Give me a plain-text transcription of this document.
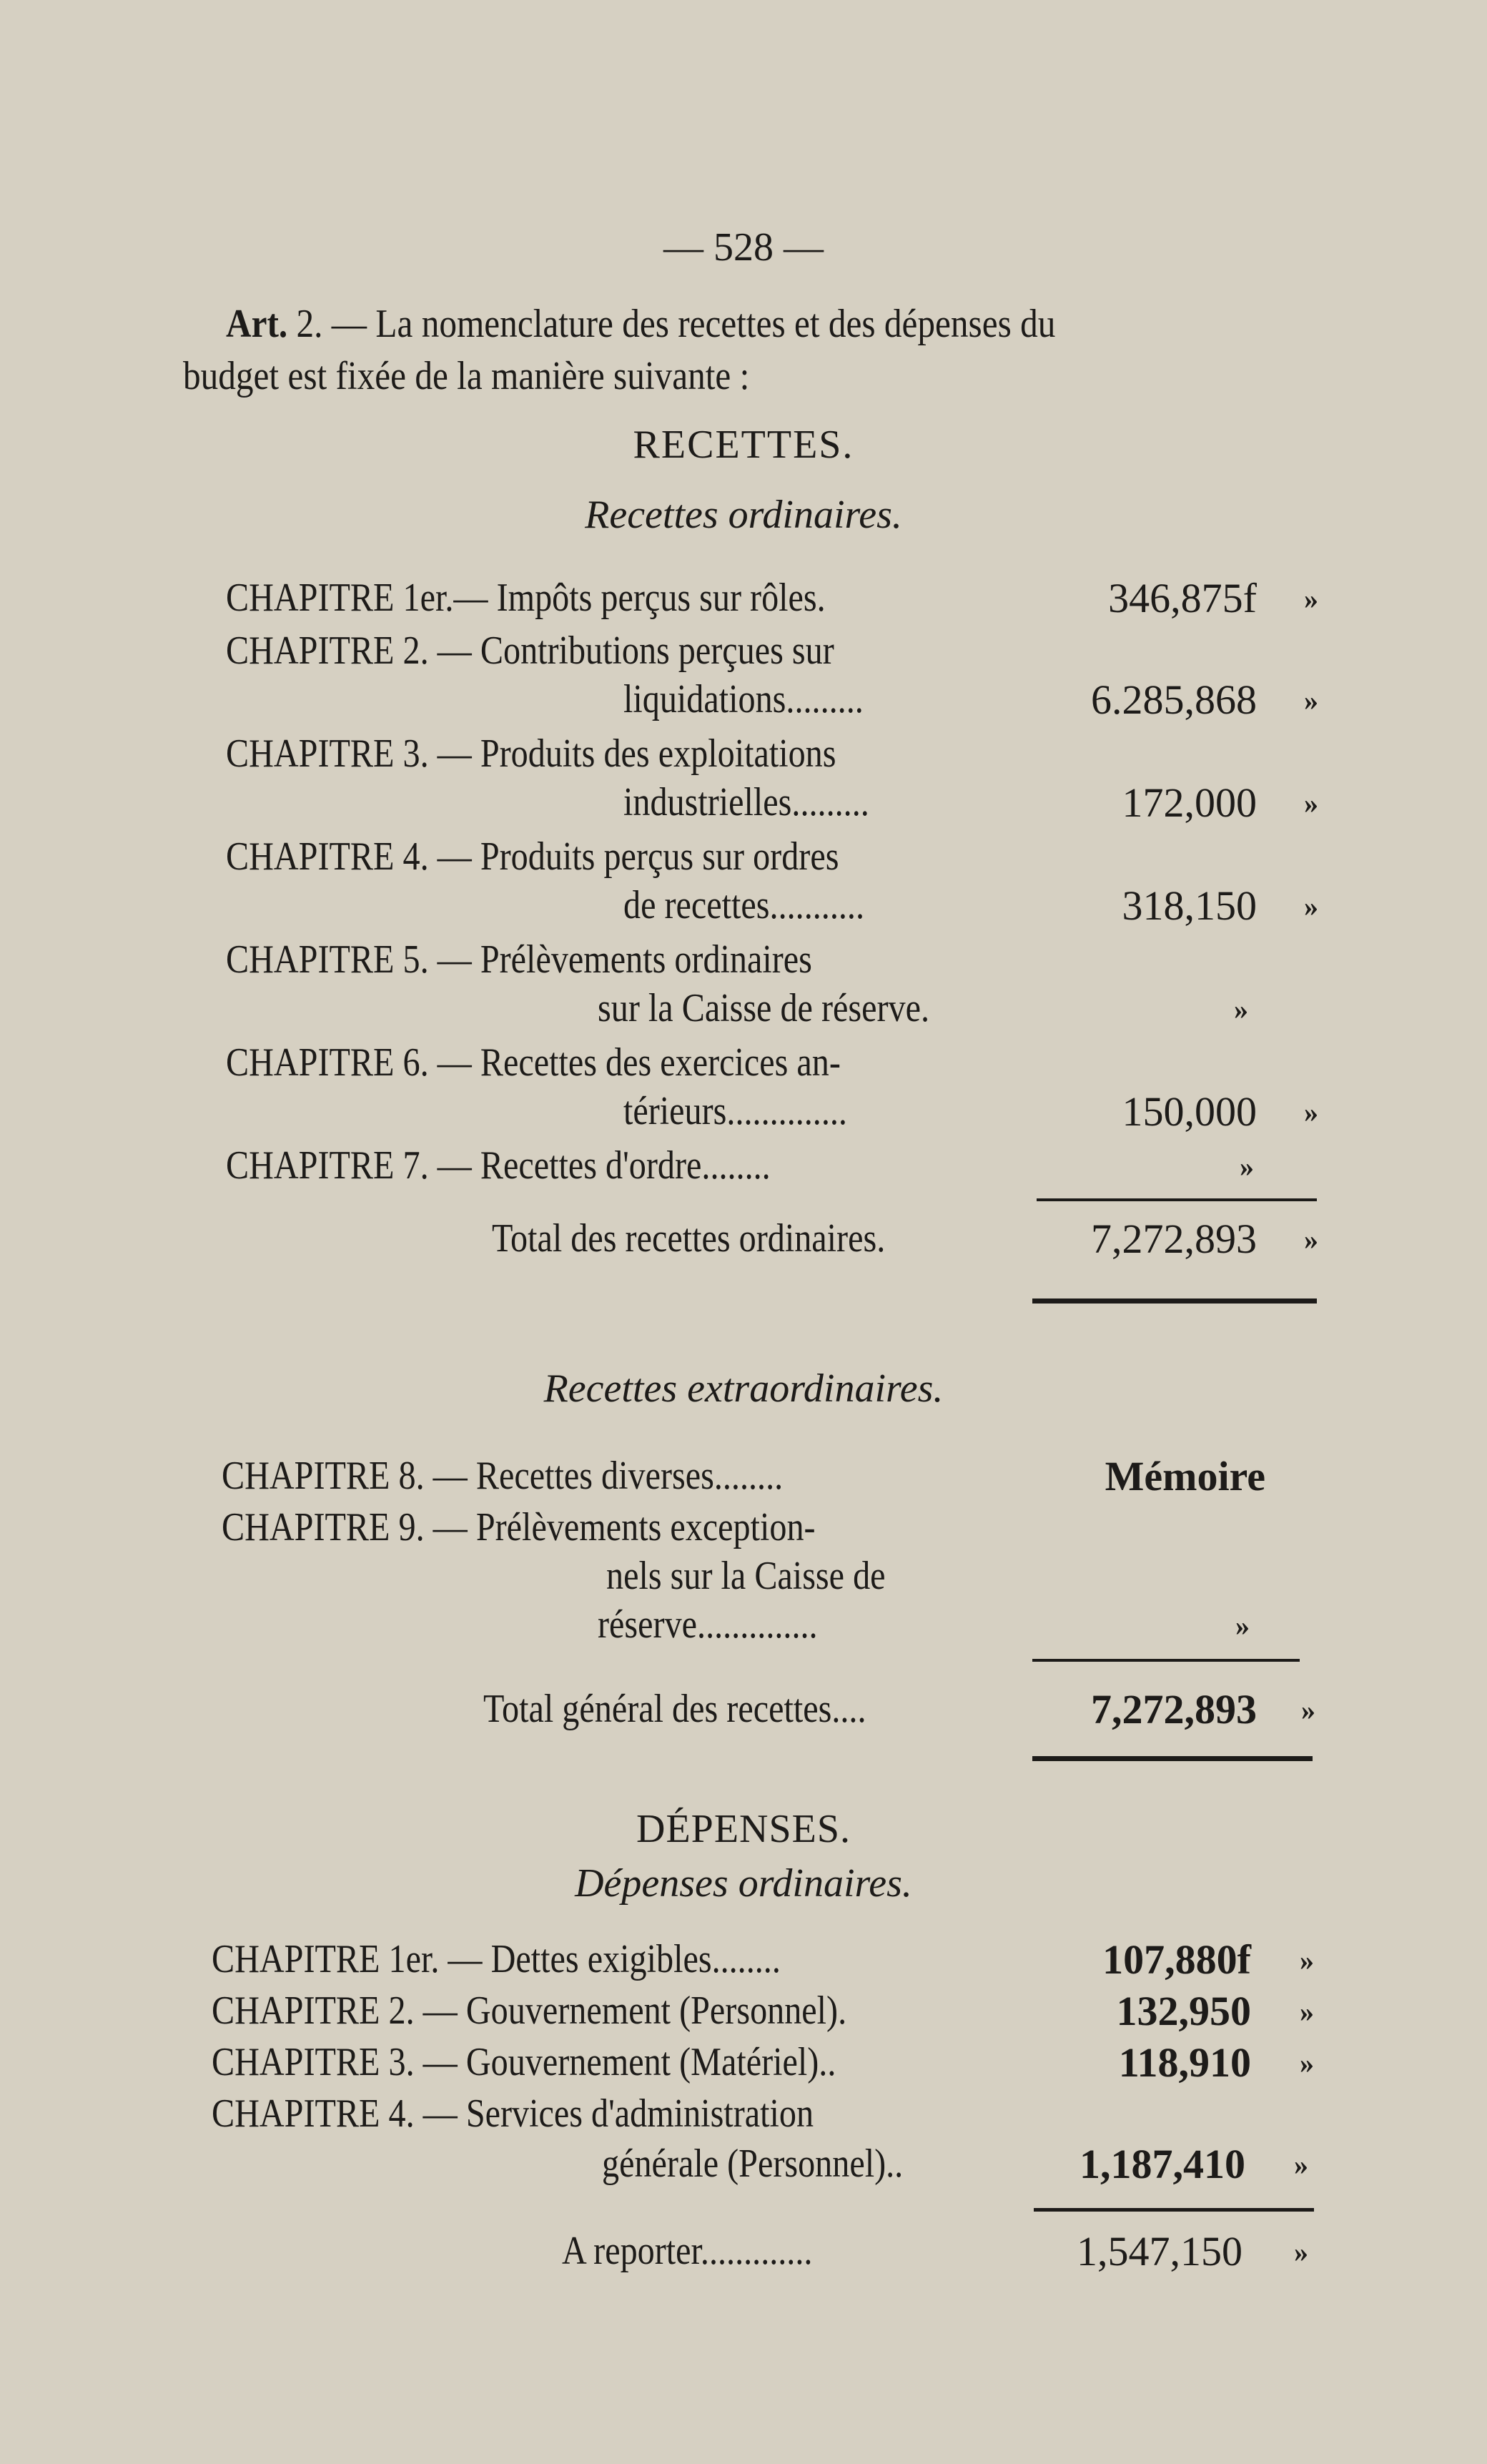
— 528 —
Art. 2. — La nomenclature des recettes et des dépenses du
budget est fixée de la manière suivante :
RECETTES.
Recettes ordinaires.
CHAPITRE 1er.— Impôts perçus sur rôles.	346,875f »
CHAPITRE 2. — Contributions perçues sur
liquidations.........	6.285,868 »
CHAPITRE 3. — Produits des exploitations
industrielles.........	172,000 »
CHAPITRE 4. — Produits perçus sur ordres
de recettes...........	318,150 »
CHAPITRE 5. — Prélèvements ordinaires
sur la Caisse de réserve.	»
CHAPITRE 6. — Recettes des exercices an-
térieurs..............	150,000 »
CHAPITRE 7. — Recettes d'ordre........	»
Total des recettes ordinaires.	7,272,893 »
Recettes extraordinaires.
CHAPITRE 8. — Recettes diverses........	Mémoire
CHAPITRE 9. — Prélèvements exception-
nels sur la Caisse de
réserve..............	»
Total général des recettes....	7,272,893 »
DÉPENSES.
Dépenses ordinaires.
CHAPITRE 1er. — Dettes exigibles........	107,880f »
CHAPITRE 2. — Gouvernement (Personnel).	132,950 »
CHAPITRE 3. — Gouvernement (Matériel)..	118,910 »
CHAPITRE 4. — Services d'administration
générale (Personnel)..	1,187,410 »
A reporter.............	1,547,150 »
